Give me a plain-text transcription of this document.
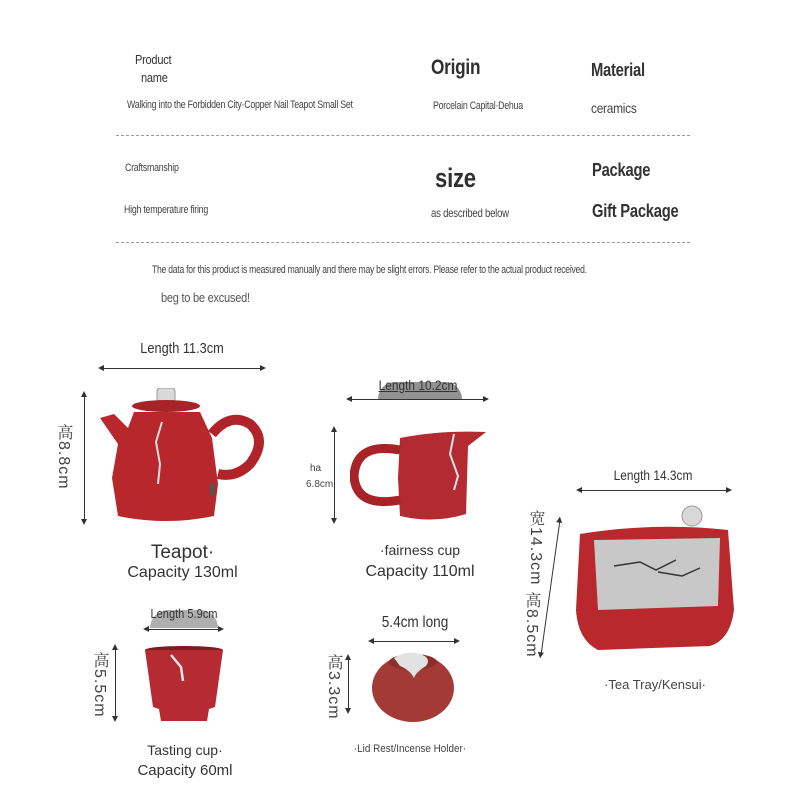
Product
name
Walking into the Forbidden City·Copper Nail Teapot Small Set
Origin
Porcelain Capital·Dehua
Material
ceramics
Craftsmanship
High temperature firing
size
as described below
Package
Gift Package
The data for this product is measured manually and there may be slight errors. Please refer to the actual product received.
beg to be excused!
Length 11.3cm
高8.8cm
Teapot·
Capacity 130ml
Length 10.2cm
ha
6.8cm
·fairness cup
Capacity 110ml
Length 14.3cm
宽14.3cm
高8.5cm
·Tea Tray/Kensui·
Length 5.9cm
高5.5cm
Tasting cup·
Capacity 60ml
5.4cm long
高3.3cm
·Lid Rest/Incense Holder·
